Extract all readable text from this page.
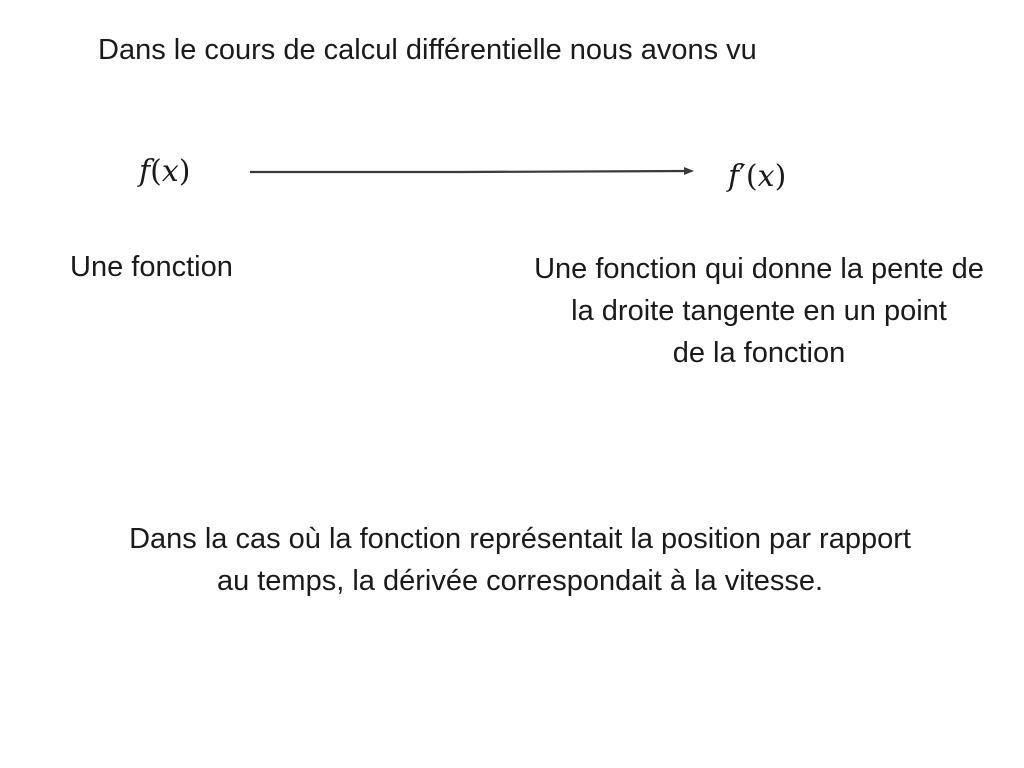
Dans le cours de calcul différentielle nous avons vu
f(x)	f′(x)
Une fonction	Une fonction qui donne la pente de
la droite tangente en un point
de la fonction
Dans la cas où la fonction représentait la position par rapport
au temps, la dérivée correspondait à la vitesse.
